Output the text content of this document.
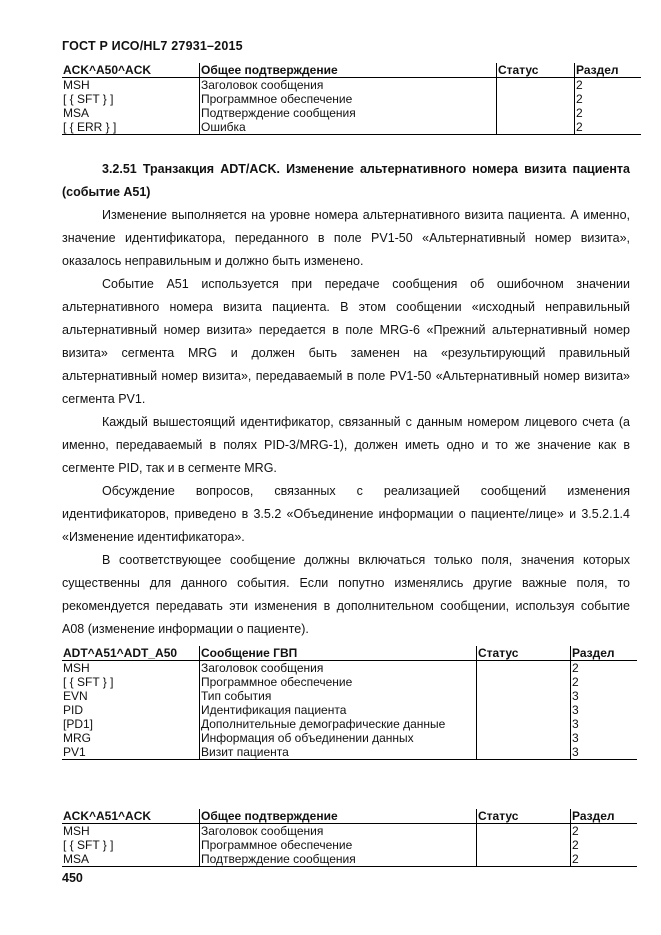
ГОСТ Р ИСО/HL7 27931–2015
ACK^A50^ACK	Общее подтверждение	Статус	Раздел
MSH	Заголовок сообщения		2
[ { SFT } ]	Программное обеспечение		2
MSA	Подтверждение сообщения		2
[ { ERR } ]	Ошибка		2

3.2.51 Транзакция ADT/ACK. Изменение альтернативного номера визита пациента (событие A51)

Изменение выполняется на уровне номера альтернативного визита пациента. А именно, значение идентификатора, переданного в поле PV1-50 «Альтернативный номер визита», оказалось неправильным и должно быть изменено.

Событие A51 используется при передаче сообщения об ошибочном значении альтернативного номера визита пациента. В этом сообщении «исходный неправильный альтернативный номер визита» передается в поле MRG-6 «Прежний альтернативный номер визита» сегмента MRG и должен быть заменен на «результирующий правильный альтернативный номер визита», передаваемый в поле PV1-50 «Альтернативный номер визита» сегмента PV1.

Каждый вышестоящий идентификатор, связанный с данным номером лицевого счета (а именно, передаваемый в полях PID-3/MRG-1), должен иметь одно и то же значение как в сегменте PID, так и в сегменте MRG.

Обсуждение вопросов, связанных с реализацией сообщений изменения идентификаторов, приведено в 3.5.2 «Объединение информации о пациенте/лице» и 3.5.2.1.4 «Изменение идентификатора».

В соответствующее сообщение должны включаться только поля, значения которых существенны для данного события. Если попутно изменялись другие важные поля, то рекомендуется передавать эти изменения в дополнительном сообщении, используя событие A08 (изменение информации о пациенте).

ADT^A51^ADT_A50	Сообщение ГВП	Статус	Раздел
MSH	Заголовок сообщения		2
[ { SFT } ]	Программное обеспечение		2
EVN	Тип события		3
PID	Идентификация пациента		3
[PD1]	Дополнительные демографические данные		3
MRG	Информация об объединении данных		3
PV1	Визит пациента		3
ACK^A51^ACK	Общее подтверждение	Статус	Раздел
MSH	Заголовок сообщения		2
[ { SFT } ]	Программное обеспечение		2
MSA	Подтверждение сообщения		2
450
